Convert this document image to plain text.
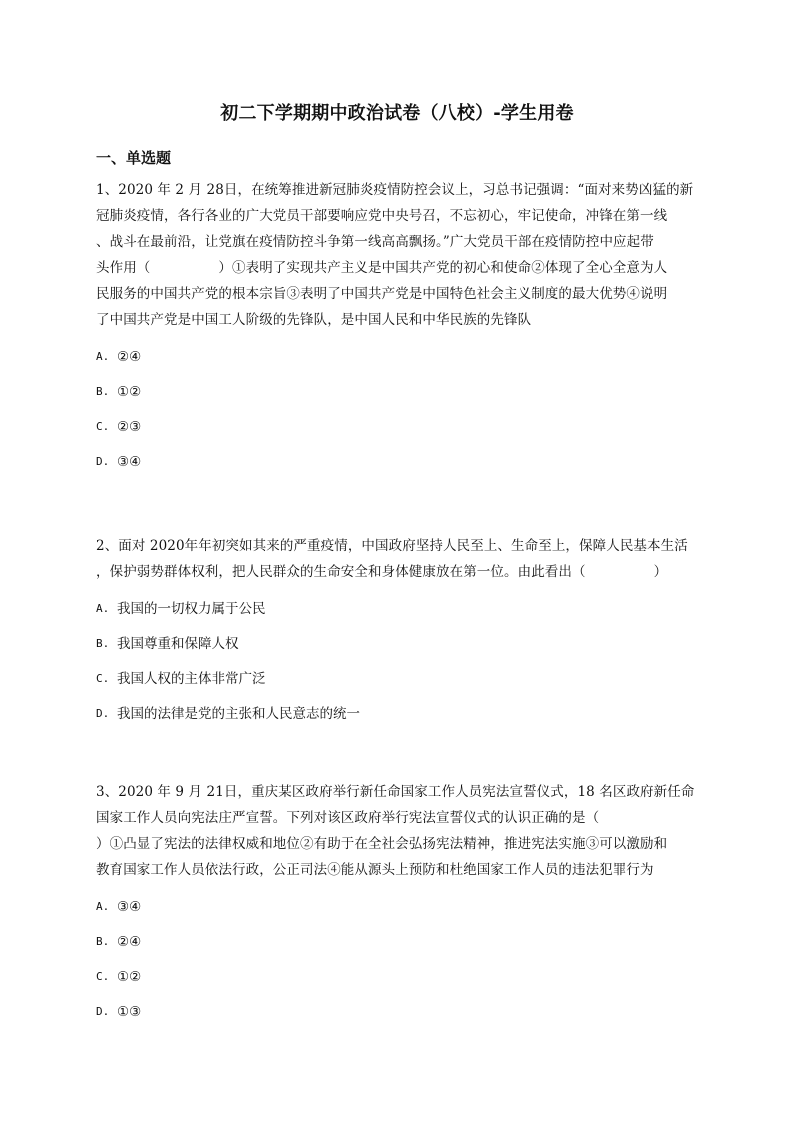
初二下学期期中政治试卷（八校）-学生用卷
一、单选题
1、2020 年 2 月 28日，在统筹推进新冠肺炎疫情防控会议上，习总书记强调：“面对来势凶猛的新
冠肺炎疫情，各行各业的广大党员干部要响应党中央号召，不忘初心，牢记使命，冲锋在第一线
、战斗在最前沿，让党旗在疫情防控斗争第一线高高飘扬。”广大党员干部在疫情防控中应起带
头作用（　　　　　）①表明了实现共产主义是中国共产党的初心和使命②体现了全心全意为人
民服务的中国共产党的根本宗旨③表明了中国共产党是中国特色社会主义制度的最大优势④说明
了中国共产党是中国工人阶级的先锋队，是中国人民和中华民族的先锋队
A. ②④
B. ①②
C. ②③
D. ③④
2、面对 2020年年初突如其来的严重疫情，中国政府坚持人民至上、生命至上，保障人民基本生活
，保护弱势群体权利，把人民群众的生命安全和身体健康放在第一位。由此看出（　　　　　）
A. 我国的一切权力属于公民
B. 我国尊重和保障人权
C. 我国人权的主体非常广泛
D. 我国的法律是党的主张和人民意志的统一
3、2020 年 9 月 21日，重庆某区政府举行新任命国家工作人员宪法宣誓仪式，18 名区政府新任命
国家工作人员向宪法庄严宣誓。下列对该区政府举行宪法宣誓仪式的认识正确的是（
）①凸显了宪法的法律权威和地位②有助于在全社会弘扬宪法精神，推进宪法实施③可以激励和
教育国家工作人员依法行政，公正司法④能从源头上预防和杜绝国家工作人员的违法犯罪行为
A. ③④
B. ②④
C. ①②
D. ①③
